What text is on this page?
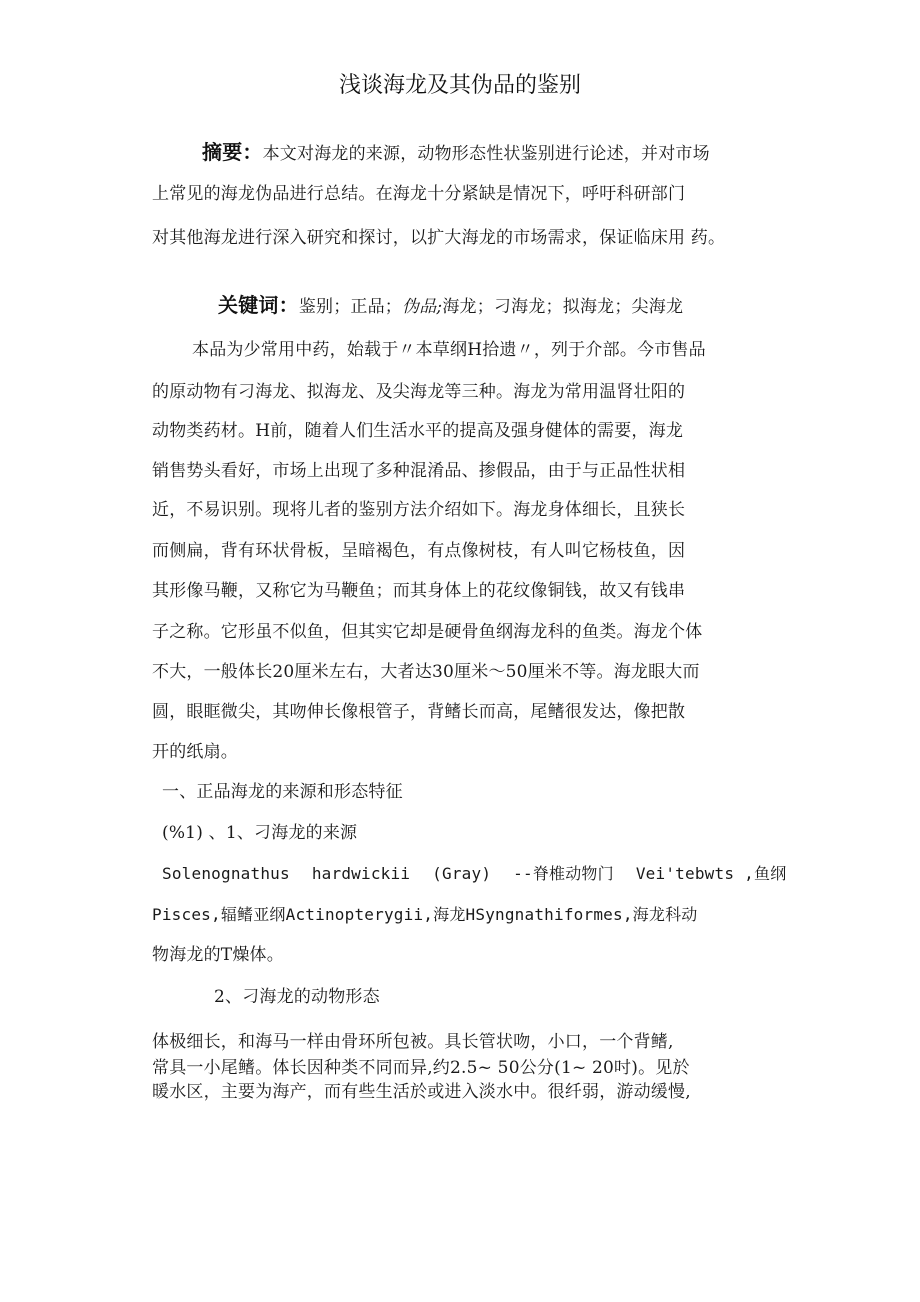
浅谈海龙及其伪品的鉴别
摘要：本文对海龙的来源，动物形态性状鉴别进行论述，并对市场
上常见的海龙伪品进行总结。在海龙十分紧缺是情况下，呼吁科研部门
对其他海龙进行深入研究和探讨，以扩大海龙的市场需求，保证临床用 药。
关键词：鉴别；正品；伪品;海龙；刁海龙；拟海龙；尖海龙
本品为少常用中药，始载于〃本草纲H拾遗〃，列于介部。今市售品
的原动物有刁海龙、拟海龙、及尖海龙等三种。海龙为常用温肾壮阳的
动物类药材。H前，随着人们生活水平的提高及强身健体的需要，海龙
销售势头看好，市场上出现了多种混淆品、掺假品，由于与正品性状相
近，不易识别。现将儿者的鉴别方法介绍如下。海龙身体细长，且狭长
而侧扁，背有环状骨板，呈暗褐色，有点像树枝，有人叫它杨枝鱼，因
其形像马鞭，又称它为马鞭鱼；而其身体上的花纹像铜钱，故又有钱串
子之称。它形虽不似鱼，但其实它却是硬骨鱼纲海龙科的鱼类。海龙个体
不大，一般体长20厘米左右，大者达30厘米〜50厘米不等。海龙眼大而
圆，眼眶微尖，其吻伸长像根管子，背鳍长而高，尾鳍很发达，像把散
开的纸扇。
一、正品海龙的来源和形态特征
(%1) 、1、刁海龙的来源
Solenognathus hardwickii (Gray) --脊椎动物门 Vei'tebwts ,鱼纲
Pisces,辐鳍亚纲Actinopterygii,海龙HSyngnathiformes,海龙科动
物海龙的T燥体。
2、刁海龙的动物形态
体极细长，和海马一样由骨环所包被。具长管状吻，小口，一个背鳍,
常具一小尾鳍。体长因种类不同而异,约2.5~ 50公分(1~ 20吋)。见於
暖水区，主要为海产，而有些生活於或进入淡水中。很纤弱，游动缓慢,
